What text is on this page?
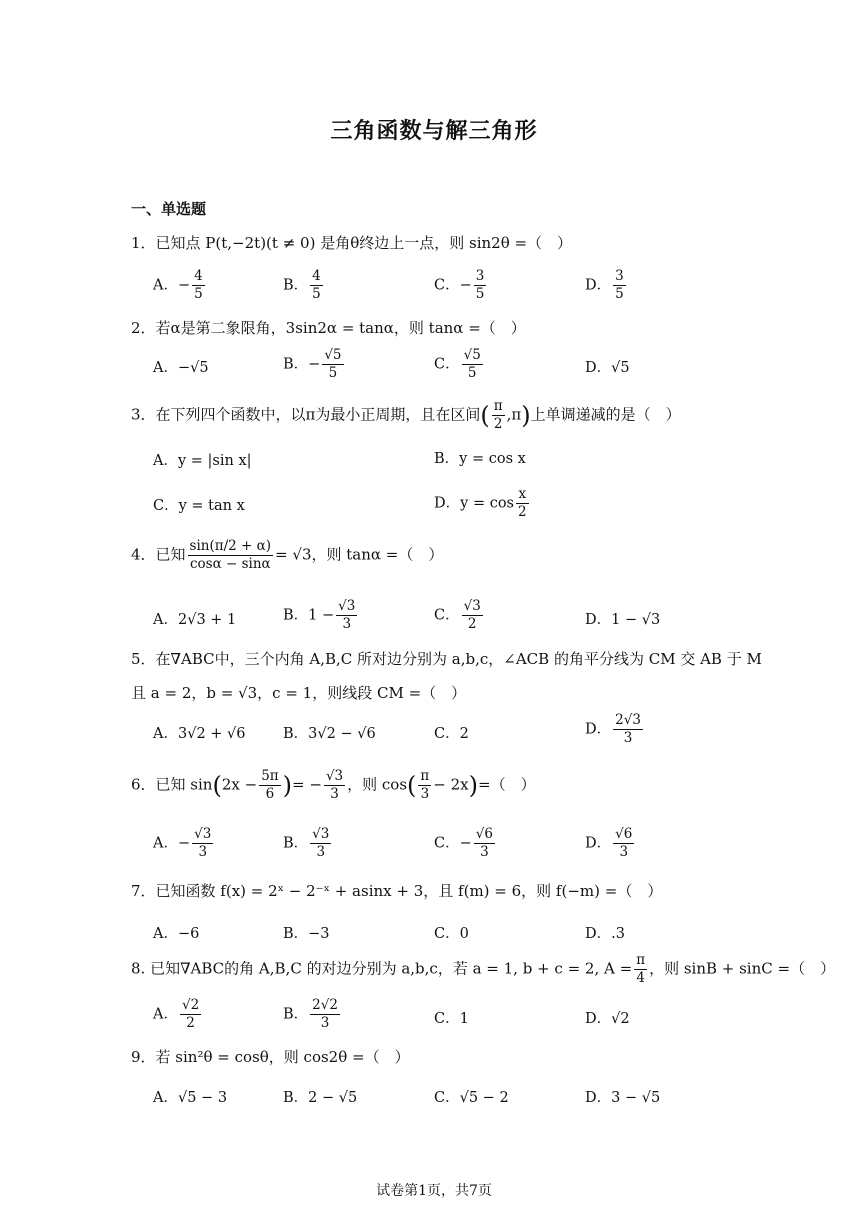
三角函数与解三角形
一、单选题
1．已知点 P(t,−2t)(t ≠ 0) 是角θ终边上一点，则 sin2θ =（　）
A．− $\frac{4}{5}$	B． $\frac{4}{5}$	C．− $\frac{3}{5}$	D． $\frac{3}{5}$
2．若α是第二象限角，3sin2α = tanα，则 tanα =（　）
A．−√5	B．− $\frac{√5}{5}$	C． $\frac{√5}{5}$	D．√5
3．在下列四个函数中，以π为最小正周期，且在区间( $\frac{\pi}{2} ,\pi$)上单调递减的是（　）
A．y = |sin x|	B．y = cos x
C．y = tan x	D．$y = \cos \frac{x}{2}$
4．已知 $\frac{\sin(\pi/2 + \alpha)}{\cos\alpha - \sin\alpha} = √3$，则 tanα =（　）
A．2√3 + 1	B．$1 - \frac{√3}{3}$	C． $\frac{√3}{2}$	D．1 − √3
5．在∇ABC中，三个内角 A,B,C 所对边分别为 a,b,c，∠ACB 的角平分线为 CM 交 AB 于 M
且 a = 2，b = √3，c = 1，则线段 CM =（　）
A．3√2 + √6	B．3√2 − √6	C．2	D． $\frac{2√3}{3}$
6．已知 $\sin(2x - \frac{5\pi}{6}$ )= − $\frac{√3}{3}$ ，则 $\cos( \frac{\pi}{3} - 2x)=$（　）
A．− $\frac{√3}{3}$	B． $\frac{√3}{3}$	C．− $\frac{√6}{3}$	D． $\frac{√6}{3}$
7．已知函数 f(x) = 2ˣ − 2⁻ˣ + asinx + 3，且 f(m) = 6，则 f(−m) =（　）
A．−6	B．−3	C．0	D．.3
8. 已知∇ABC的角 A,B,C 的对边分别为 a,b,c，若 a = 1, b + c = 2, $A = \frac{\pi}{4}$ ，则 sinB + sinC =（　）
A． $\frac{√2}{2}$	B． $\frac{2√2}{3}$	C．1	D．√2
9．若 sin²θ = cosθ，则 cos2θ =（　）
A．√5 − 3	B．2 − √5	C．√5 − 2	D．3 − √5
试卷第1页，共7页
